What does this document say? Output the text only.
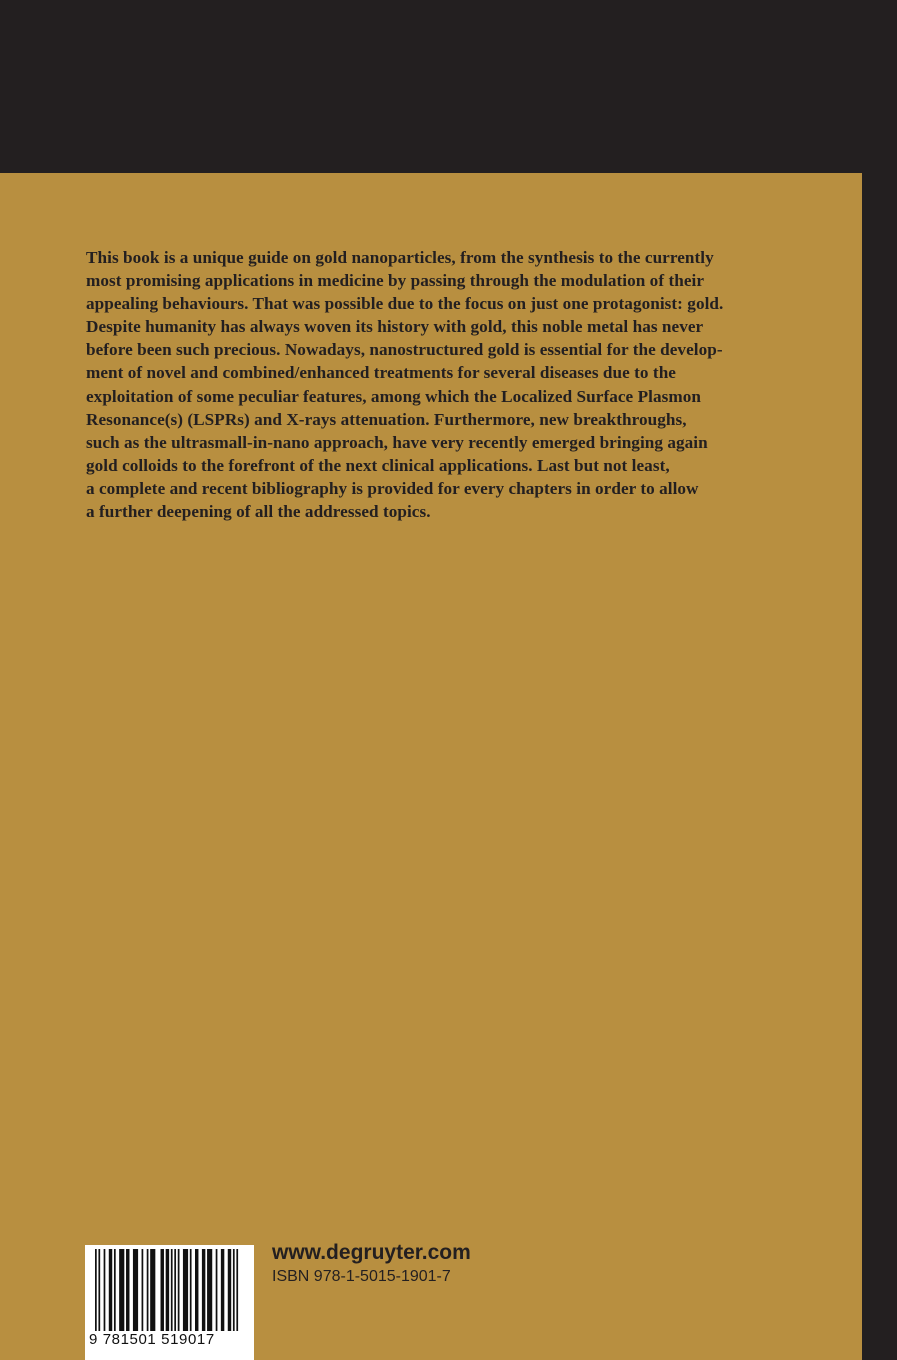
This book is a unique guide on gold nanoparticles, from the synthesis to the currently
most promising applications in medicine by passing through the modulation of their
appealing behaviours. That was possible due to the focus on just one protagonist: gold.
Despite humanity has always woven its history with gold, this noble metal has never
before been such precious. Nowadays, nanostructured gold is essential for the develop-
ment of novel and combined/enhanced treatments for several diseases due to the
exploitation of some peculiar features, among which the Localized Surface Plasmon
Resonance(s) (LSPRs) and X-rays attenuation. Furthermore, new breakthroughs,
such as the ultrasmall-in-nano approach, have very recently emerged bringing again
gold colloids to the forefront of the next clinical applications. Last but not least,
a complete and recent bibliography is provided for every chapters in order to allow
a further deepening of all the addressed topics.

9 781501 519017
www.degruyter.com
ISBN 978-1-5015-1901-7
